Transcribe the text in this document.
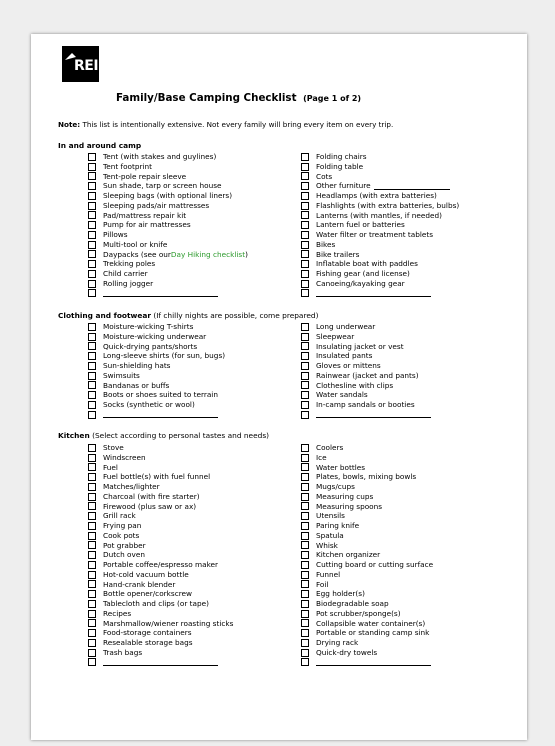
REI
Family/Base Camping Checklist (Page 1 of 2)
Note: This list is intentionally extensive. Not every family will bring every item on every trip.
In and around camp
Tent (with stakes and guylines)
Tent footprint
Tent-pole repair sleeve
Sun shade, tarp or screen house
Sleeping bags (with optional liners)
Sleeping pads/air mattresses
Pad/mattress repair kit
Pump for air mattresses
Pillows
Multi-tool or knife
Daypacks (see our Day Hiking checklist )
Trekking poles
Child carrier
Rolling jogger
Folding chairs
Folding table
Cots
Other furniture
Headlamps (with extra batteries)
Flashlights (with extra batteries, bulbs)
Lanterns (with mantles, if needed)
Lantern fuel or batteries
Water filter or treatment tablets
Bikes
Bike trailers
Inflatable boat with paddles
Fishing gear (and license)
Canoeing/kayaking gear
Clothing and footwear (If chilly nights are possible, come prepared)
Moisture-wicking T-shirts
Moisture-wicking underwear
Quick-drying pants/shorts
Long-sleeve shirts (for sun, bugs)
Sun-shielding hats
Swimsuits
Bandanas or buffs
Boots or shoes suited to terrain
Socks (synthetic or wool)
Long underwear
Sleepwear
Insulating jacket or vest
Insulated pants
Gloves or mittens
Rainwear (jacket and pants)
Clothesline with clips
Water sandals
In-camp sandals or booties
Kitchen (Select according to personal tastes and needs)
Stove
Windscreen
Fuel
Fuel bottle(s) with fuel funnel
Matches/lighter
Charcoal (with fire starter)
Firewood (plus saw or ax)
Grill rack
Frying pan
Cook pots
Pot grabber
Dutch oven
Portable coffee/espresso maker
Hot-cold vacuum bottle
Hand-crank blender
Bottle opener/corkscrew
Tablecloth and clips (or tape)
Recipes
Marshmallow/wiener roasting sticks
Food-storage containers
Resealable storage bags
Trash bags
Coolers
Ice
Water bottles
Plates, bowls, mixing bowls
Mugs/cups
Measuring cups
Measuring spoons
Utensils
Paring knife
Spatula
Whisk
Kitchen organizer
Cutting board or cutting surface
Funnel
Foil
Egg holder(s)
Biodegradable soap
Pot scrubber/sponge(s)
Collapsible water container(s)
Portable or standing camp sink
Drying rack
Quick-dry towels
